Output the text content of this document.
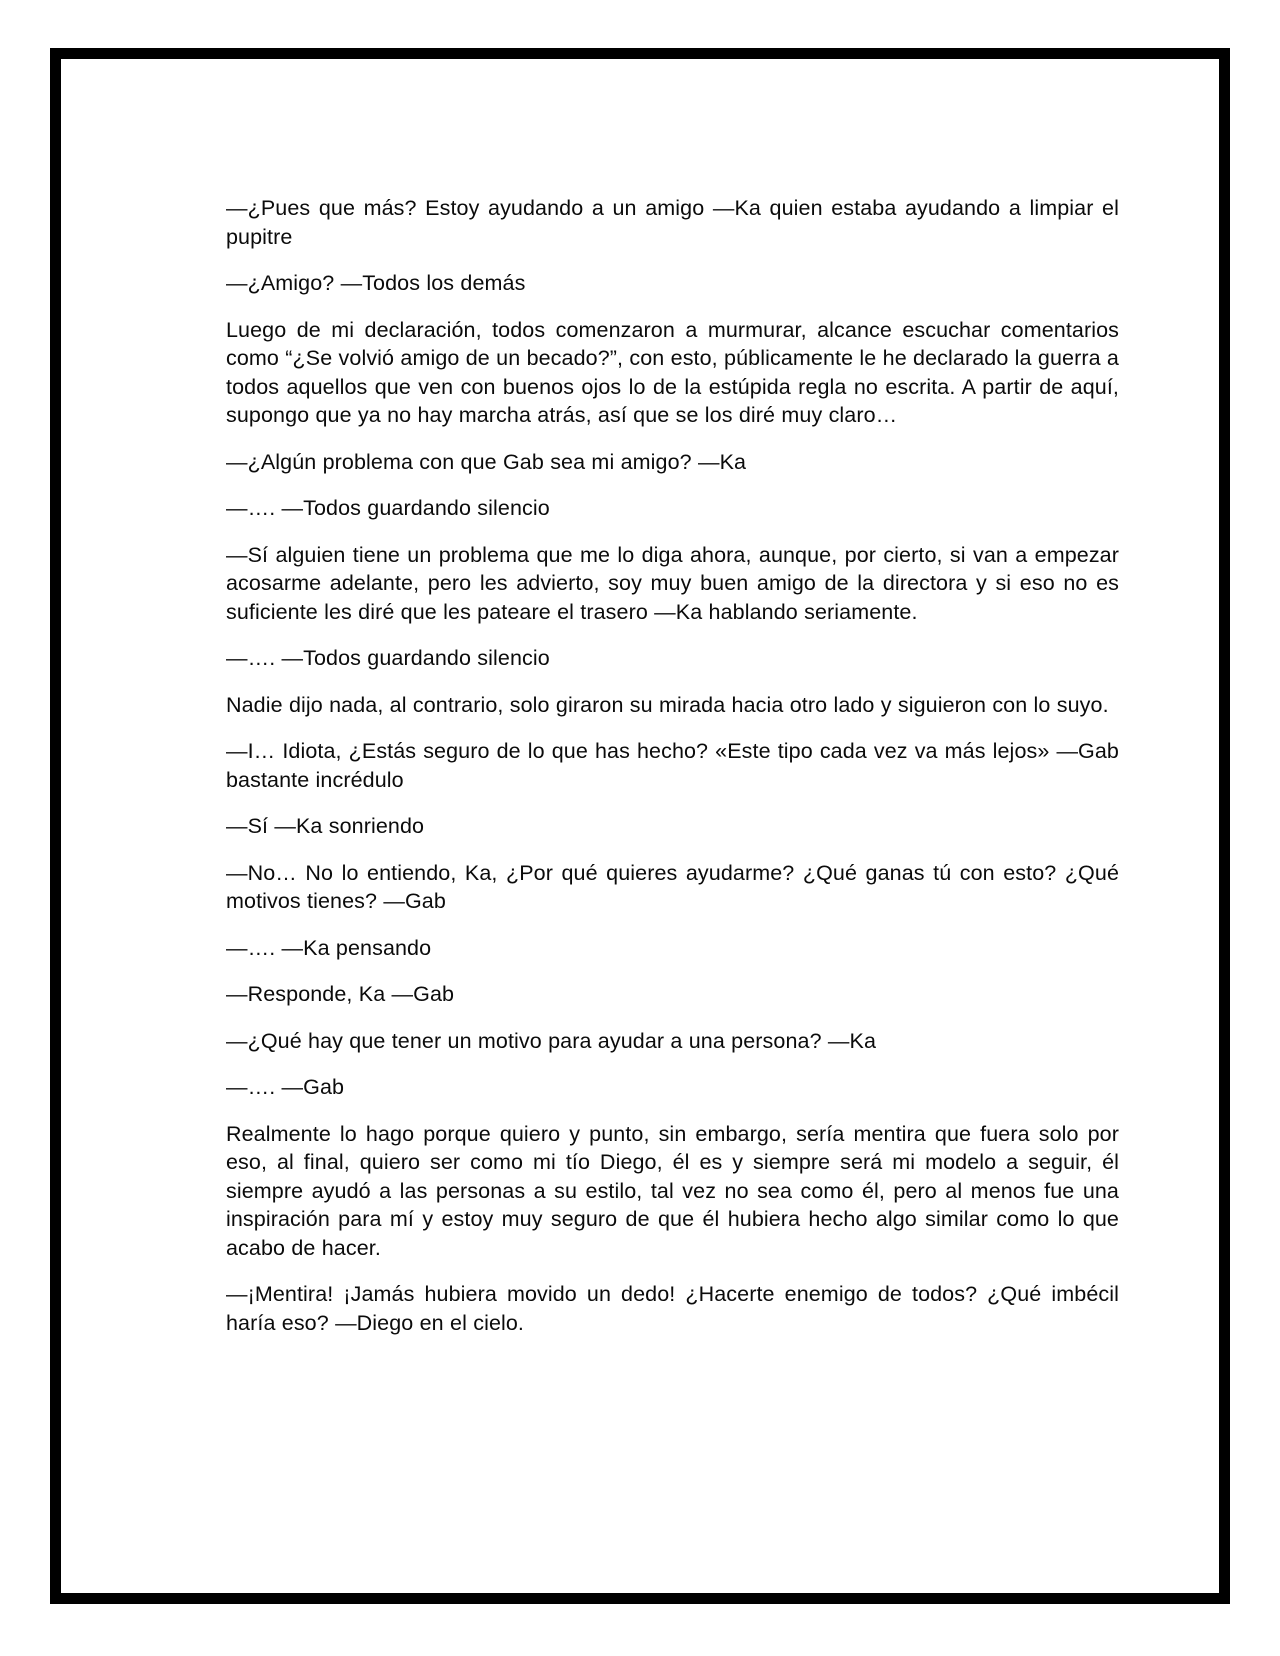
—¿Pues que más? Estoy ayudando a un amigo —Ka quien estaba ayudando a limpiar el pupitre

—¿Amigo? —Todos los demás

Luego de mi declaración, todos comenzaron a murmurar, alcance escuchar comentarios como “¿Se volvió amigo de un becado?”, con esto, públicamente le he declarado la guerra a todos aquellos que ven con buenos ojos lo de la estúpida regla no escrita. A partir de aquí, supongo que ya no hay marcha atrás, así que se los diré muy claro…

—¿Algún problema con que Gab sea mi amigo? —Ka

—…. —Todos guardando silencio

—Sí alguien tiene un problema que me lo diga ahora, aunque, por cierto, si van a empezar acosarme adelante, pero les advierto, soy muy buen amigo de la directora y si eso no es suficiente les diré que les pateare el trasero —Ka hablando seriamente.

—…. —Todos guardando silencio

Nadie dijo nada, al contrario, solo giraron su mirada hacia otro lado y siguieron con lo suyo.

—I… Idiota, ¿Estás seguro de lo que has hecho? «Este tipo cada vez va más lejos» —Gab bastante incrédulo

—Sí —Ka sonriendo

—No… No lo entiendo, Ka, ¿Por qué quieres ayudarme? ¿Qué ganas tú con esto? ¿Qué motivos tienes? —Gab

—…. —Ka pensando

—Responde, Ka —Gab

—¿Qué hay que tener un motivo para ayudar a una persona? —Ka

—…. —Gab

Realmente lo hago porque quiero y punto, sin embargo, sería mentira que fuera solo por eso, al final, quiero ser como mi tío Diego, él es y siempre será mi modelo a seguir, él siempre ayudó a las personas a su estilo, tal vez no sea como él, pero al menos fue una inspiración para mí y estoy muy seguro de que él hubiera hecho algo similar como lo que acabo de hacer.

—¡Mentira! ¡Jamás hubiera movido un dedo! ¿Hacerte enemigo de todos? ¿Qué imbécil haría eso? —Diego en el cielo.
